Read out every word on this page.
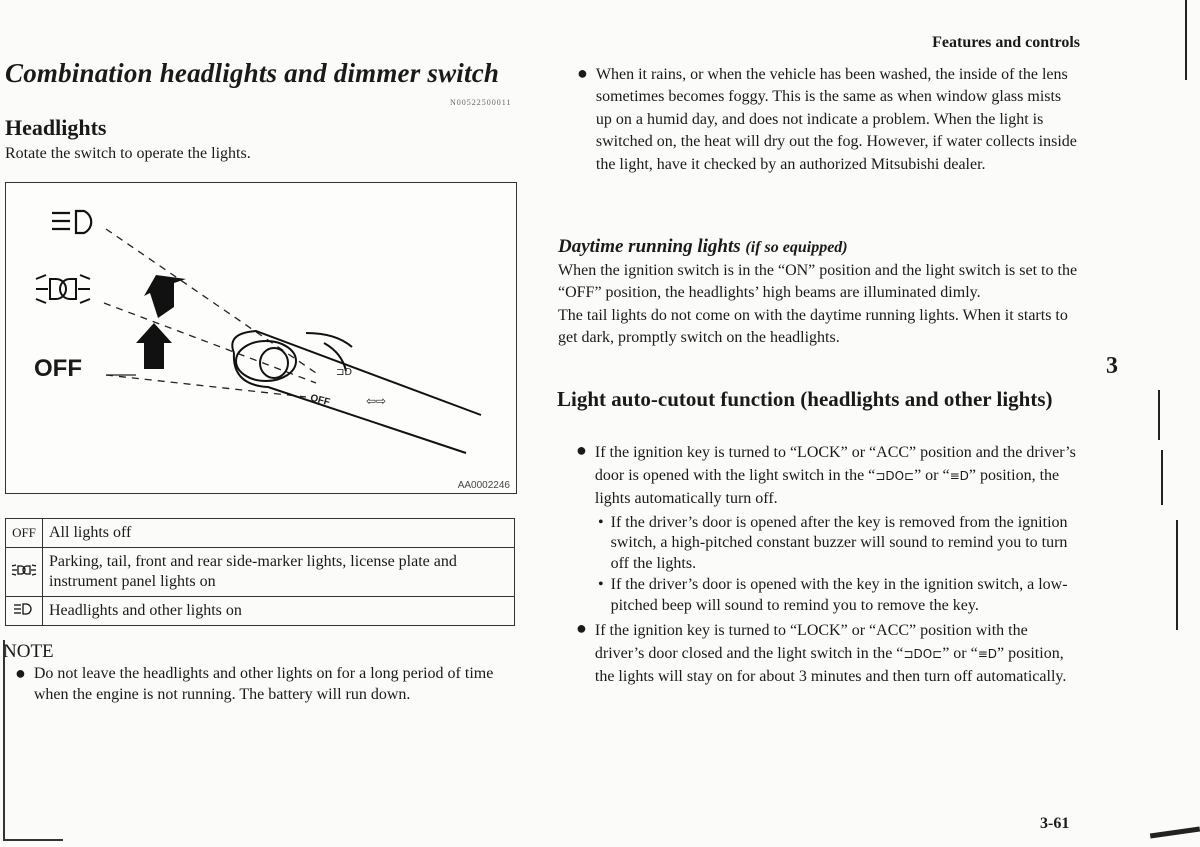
Features and controls
Combination headlights and dimmer switch
N00522500011
Headlights
Rotate the switch to operate the lights.
⊐D
⇦⇨
OFF
OFF
AA0002246
OFF	All lights off
	Parking, tail, front and rear side-marker lights, license plate and instrument panel lights on
	Headlights and other lights on
NOTE
● Do not leave the headlights and other lights on for a long period of time when the engine is not running. The battery will run down.
● When it rains, or when the vehicle has been washed, the inside of the lens sometimes becomes foggy. This is the same as when window glass mists up on a humid day, and does not indicate a problem. When the light is switched on, the heat will dry out the fog. However, if water collects inside the light, have it checked by an authorized Mitsubishi dealer.
Daytime running lights (if so equipped)
When the ignition switch is in the “ON” position and the light switch is set to the “OFF” position, the headlights’ high beams are illuminated dimly.
The tail lights do not come on with the daytime running lights. When it starts to get dark, promptly switch on the headlights.
Light auto-cutout function (headlights and other lights)
● If the ignition key is turned to “LOCK” or “ACC” position and the driver’s door is opened with the light switch in the “⊐DO⊏” or “≡D” position, the lights automatically turn off.
• If the driver’s door is opened after the key is removed from the ignition switch, a high-pitched constant buzzer will sound to remind you to turn off the lights.
• If the driver’s door is opened with the key in the ignition switch, a low-pitched beep will sound to remind you to remove the key.
● If the ignition key is turned to “LOCK” or “ACC” position with the driver’s door closed and the light switch in the “⊐DO⊏” or “≡D” position, the lights will stay on for about 3 minutes and then turn off automatically.
3
3-61
